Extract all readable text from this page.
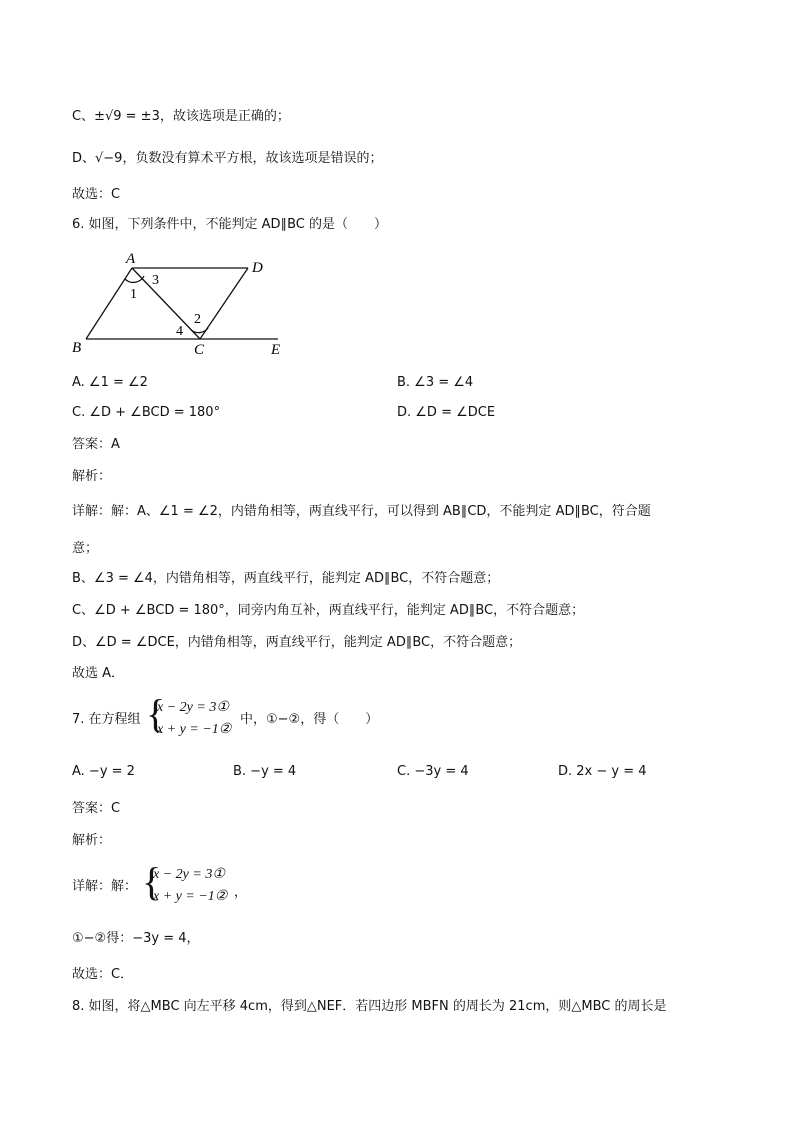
C、±√9 = ±3，故该选项是正确的；
D、√−9，负数没有算术平方根，故该选项是错误的；
故选：C
6. 如图，下列条件中，不能判定 AD∥BC 的是（　　）
A
D
B	C	E
1
3
2
4
A. ∠1 = ∠2	B. ∠3 = ∠4
C. ∠D + ∠BCD = 180°	D. ∠D = ∠DCE
答案：A
解析：
详解：解：A、∠1 = ∠2，内错角相等，两直线平行，可以得到 AB∥CD，不能判定 AD∥BC，符合题
意；
B、∠3 = ∠4，内错角相等，两直线平行，能判定 AD∥BC，不符合题意；
C、∠D + ∠BCD = 180°，同旁内角互补，两直线平行，能判定 AD∥BC，不符合题意；
D、∠D = ∠DCE，内错角相等，两直线平行，能判定 AD∥BC，不符合题意；
故选 A．
7. 在方程组 {
x − 2y = 3①
x + y = −1②
中，①−②，得（　　）
A. −y = 2	B. −y = 4	C. −3y = 4	D. 2x − y = 4
答案：C
解析：
详解：解： {
x − 2y = 3①
x + y = −1② ，
①−②得：−3y = 4，
故选：C．
8. 如图，将△MBC 向左平移 4cm，得到△NEF．若四边形 MBFN 的周长为 21cm，则△MBC 的周长是
